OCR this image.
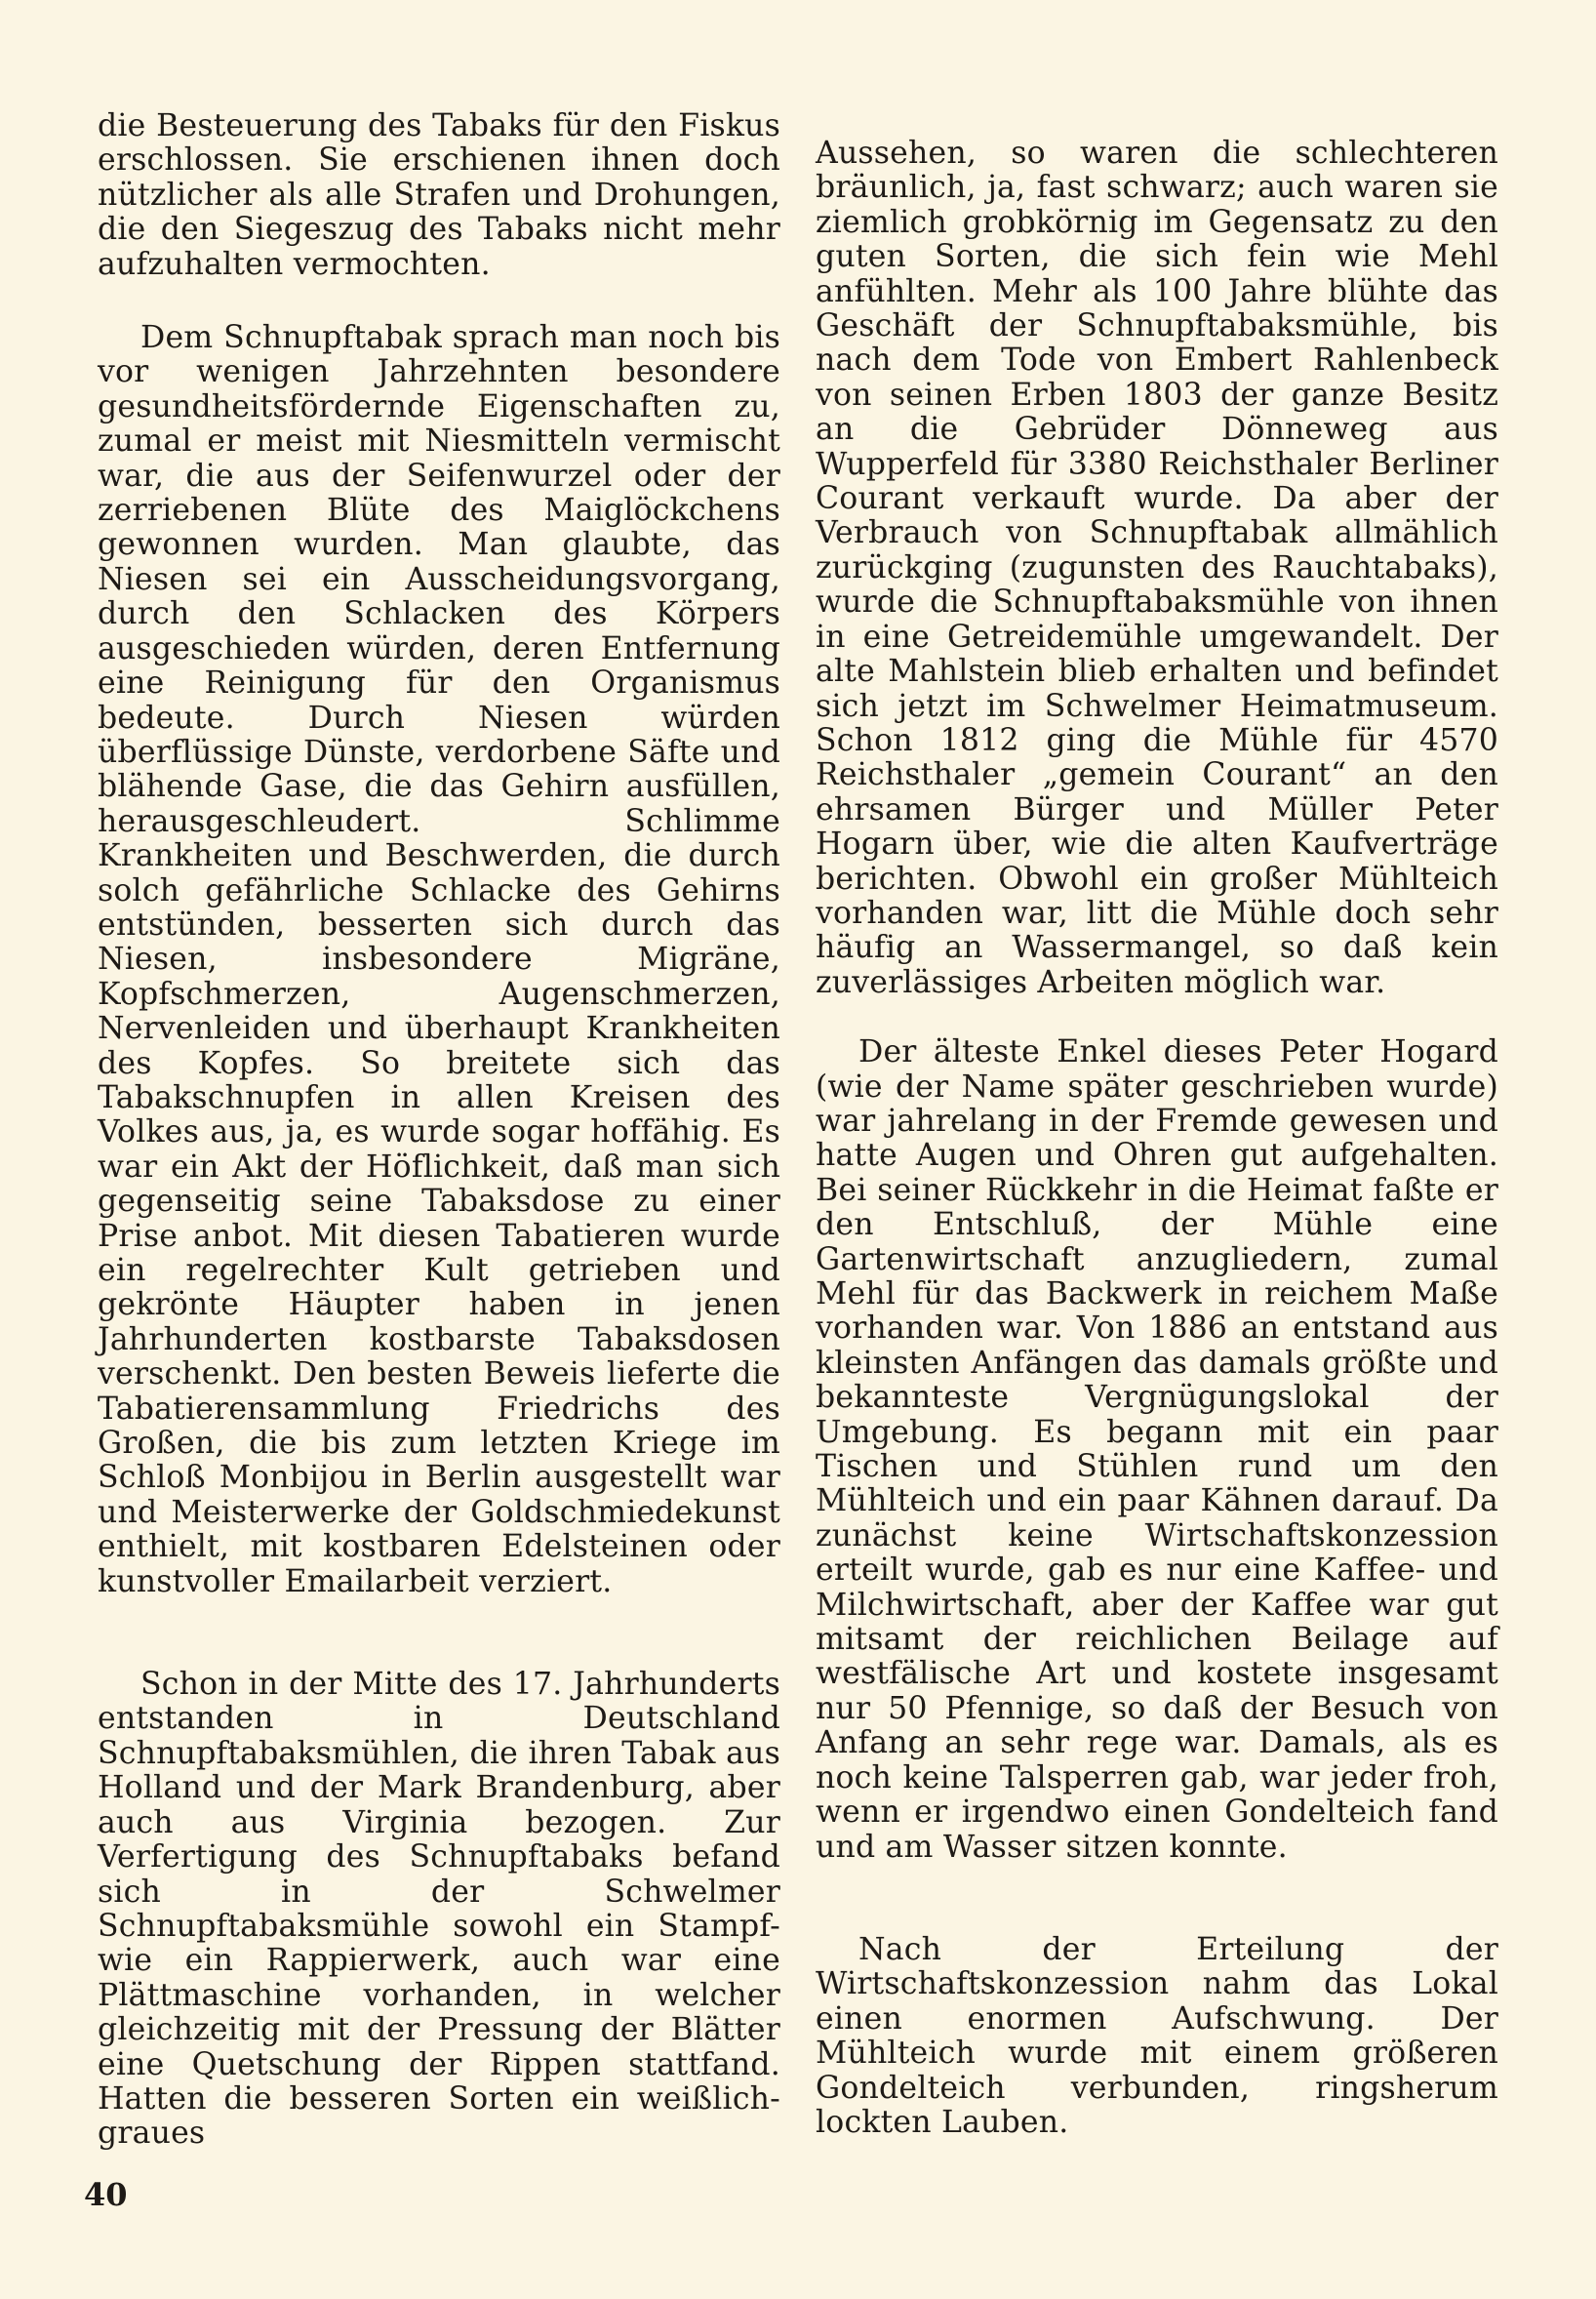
die Besteuerung des Tabaks für den Fiskus erschlossen. Sie erschienen ihnen doch nützlicher als alle Strafen und Drohungen, die den Siegeszug des Tabaks nicht mehr aufzuhalten vermochten.

Dem Schnupftabak sprach man noch bis vor wenigen Jahrzehnten besondere gesundheitsfördernde Eigenschaften zu, zumal er meist mit Niesmitteln vermischt war, die aus der Seifenwurzel oder der zerriebenen Blüte des Maiglöckchens gewonnen wurden. Man glaubte, das Niesen sei ein Ausscheidungsvorgang, durch den Schlacken des Körpers ausgeschieden würden, deren Entfernung eine Reinigung für den Organismus bedeute. Durch Niesen würden überflüssige Dünste, verdorbene Säfte und blähende Gase, die das Gehirn ausfüllen, herausgeschleudert. Schlimme Krankheiten und Beschwerden, die durch solch gefährliche Schlacke des Gehirns entstünden, besserten sich durch das Niesen, insbesondere Migräne, Kopfschmerzen, Augenschmerzen, Nervenleiden und überhaupt Krankheiten des Kopfes. So breitete sich das Tabakschnupfen in allen Kreisen des Volkes aus, ja, es wurde sogar hoffähig. Es war ein Akt der Höflichkeit, daß man sich gegenseitig seine Tabaksdose zu einer Prise anbot. Mit diesen Tabatieren wurde ein regelrechter Kult getrieben und gekrönte Häupter haben in jenen Jahrhunderten kostbarste Tabaksdosen verschenkt. Den besten Beweis lieferte die Tabatierensammlung Friedrichs des Großen, die bis zum letzten Kriege im Schloß Monbijou in Berlin ausgestellt war und Meisterwerke der Goldschmiedekunst enthielt, mit kostbaren Edelsteinen oder kunstvoller Emailarbeit verziert.

Schon in der Mitte des 17. Jahrhunderts entstanden in Deutschland Schnupftabaksmühlen, die ihren Tabak aus Holland und der Mark Brandenburg, aber auch aus Virginia bezogen. Zur Verfertigung des Schnupftabaks befand sich in der Schwelmer Schnupftabaksmühle sowohl ein Stampf- wie ein Rappierwerk, auch war eine Plättmaschine vorhanden, in welcher gleichzeitig mit der Pressung der Blätter eine Quetschung der Rippen stattfand. Hatten die besseren Sorten ein weißlich-graues

Aussehen, so waren die schlechteren bräunlich, ja, fast schwarz; auch waren sie ziemlich grobkörnig im Gegensatz zu den guten Sorten, die sich fein wie Mehl anfühlten. Mehr als 100 Jahre blühte das Geschäft der Schnupftabaksmühle, bis nach dem Tode von Embert Rahlenbeck von seinen Erben 1803 der ganze Besitz an die Gebrüder Dönneweg aus Wupperfeld für 3380 Reichsthaler Berliner Courant verkauft wurde. Da aber der Verbrauch von Schnupftabak allmählich zurückging (zugunsten des Rauchtabaks), wurde die Schnupftabaksmühle von ihnen in eine Getreidemühle umgewandelt. Der alte Mahlstein blieb erhalten und befindet sich jetzt im Schwelmer Heimatmuseum. Schon 1812 ging die Mühle für 4570 Reichsthaler „gemein Courant“ an den ehrsamen Bürger und Müller Peter Hogarn über, wie die alten Kaufverträge berichten. Obwohl ein großer Mühlteich vorhanden war, litt die Mühle doch sehr häufig an Wassermangel, so daß kein zuverlässiges Arbeiten möglich war.

Der älteste Enkel dieses Peter Hogard (wie der Name später geschrieben wurde) war jahrelang in der Fremde gewesen und hatte Augen und Ohren gut aufgehalten. Bei seiner Rückkehr in die Heimat faßte er den Entschluß, der Mühle eine Gartenwirtschaft anzugliedern, zumal Mehl für das Backwerk in reichem Maße vorhanden war. Von 1886 an entstand aus kleinsten Anfängen das damals größte und bekannteste Vergnügungslokal der Umgebung. Es begann mit ein paar Tischen und Stühlen rund um den Mühlteich und ein paar Kähnen darauf. Da zunächst keine Wirtschaftskonzession erteilt wurde, gab es nur eine Kaffee- und Milchwirtschaft, aber der Kaffee war gut mitsamt der reichlichen Beilage auf westfälische Art und kostete insgesamt nur 50 Pfennige, so daß der Besuch von Anfang an sehr rege war. Damals, als es noch keine Talsperren gab, war jeder froh, wenn er irgendwo einen Gondelteich fand und am Wasser sitzen konnte.

Nach der Erteilung der Wirtschaftskonzession nahm das Lokal einen enormen Aufschwung. Der Mühlteich wurde mit einem größeren Gondelteich verbunden, ringsherum lockten Lauben.

40
